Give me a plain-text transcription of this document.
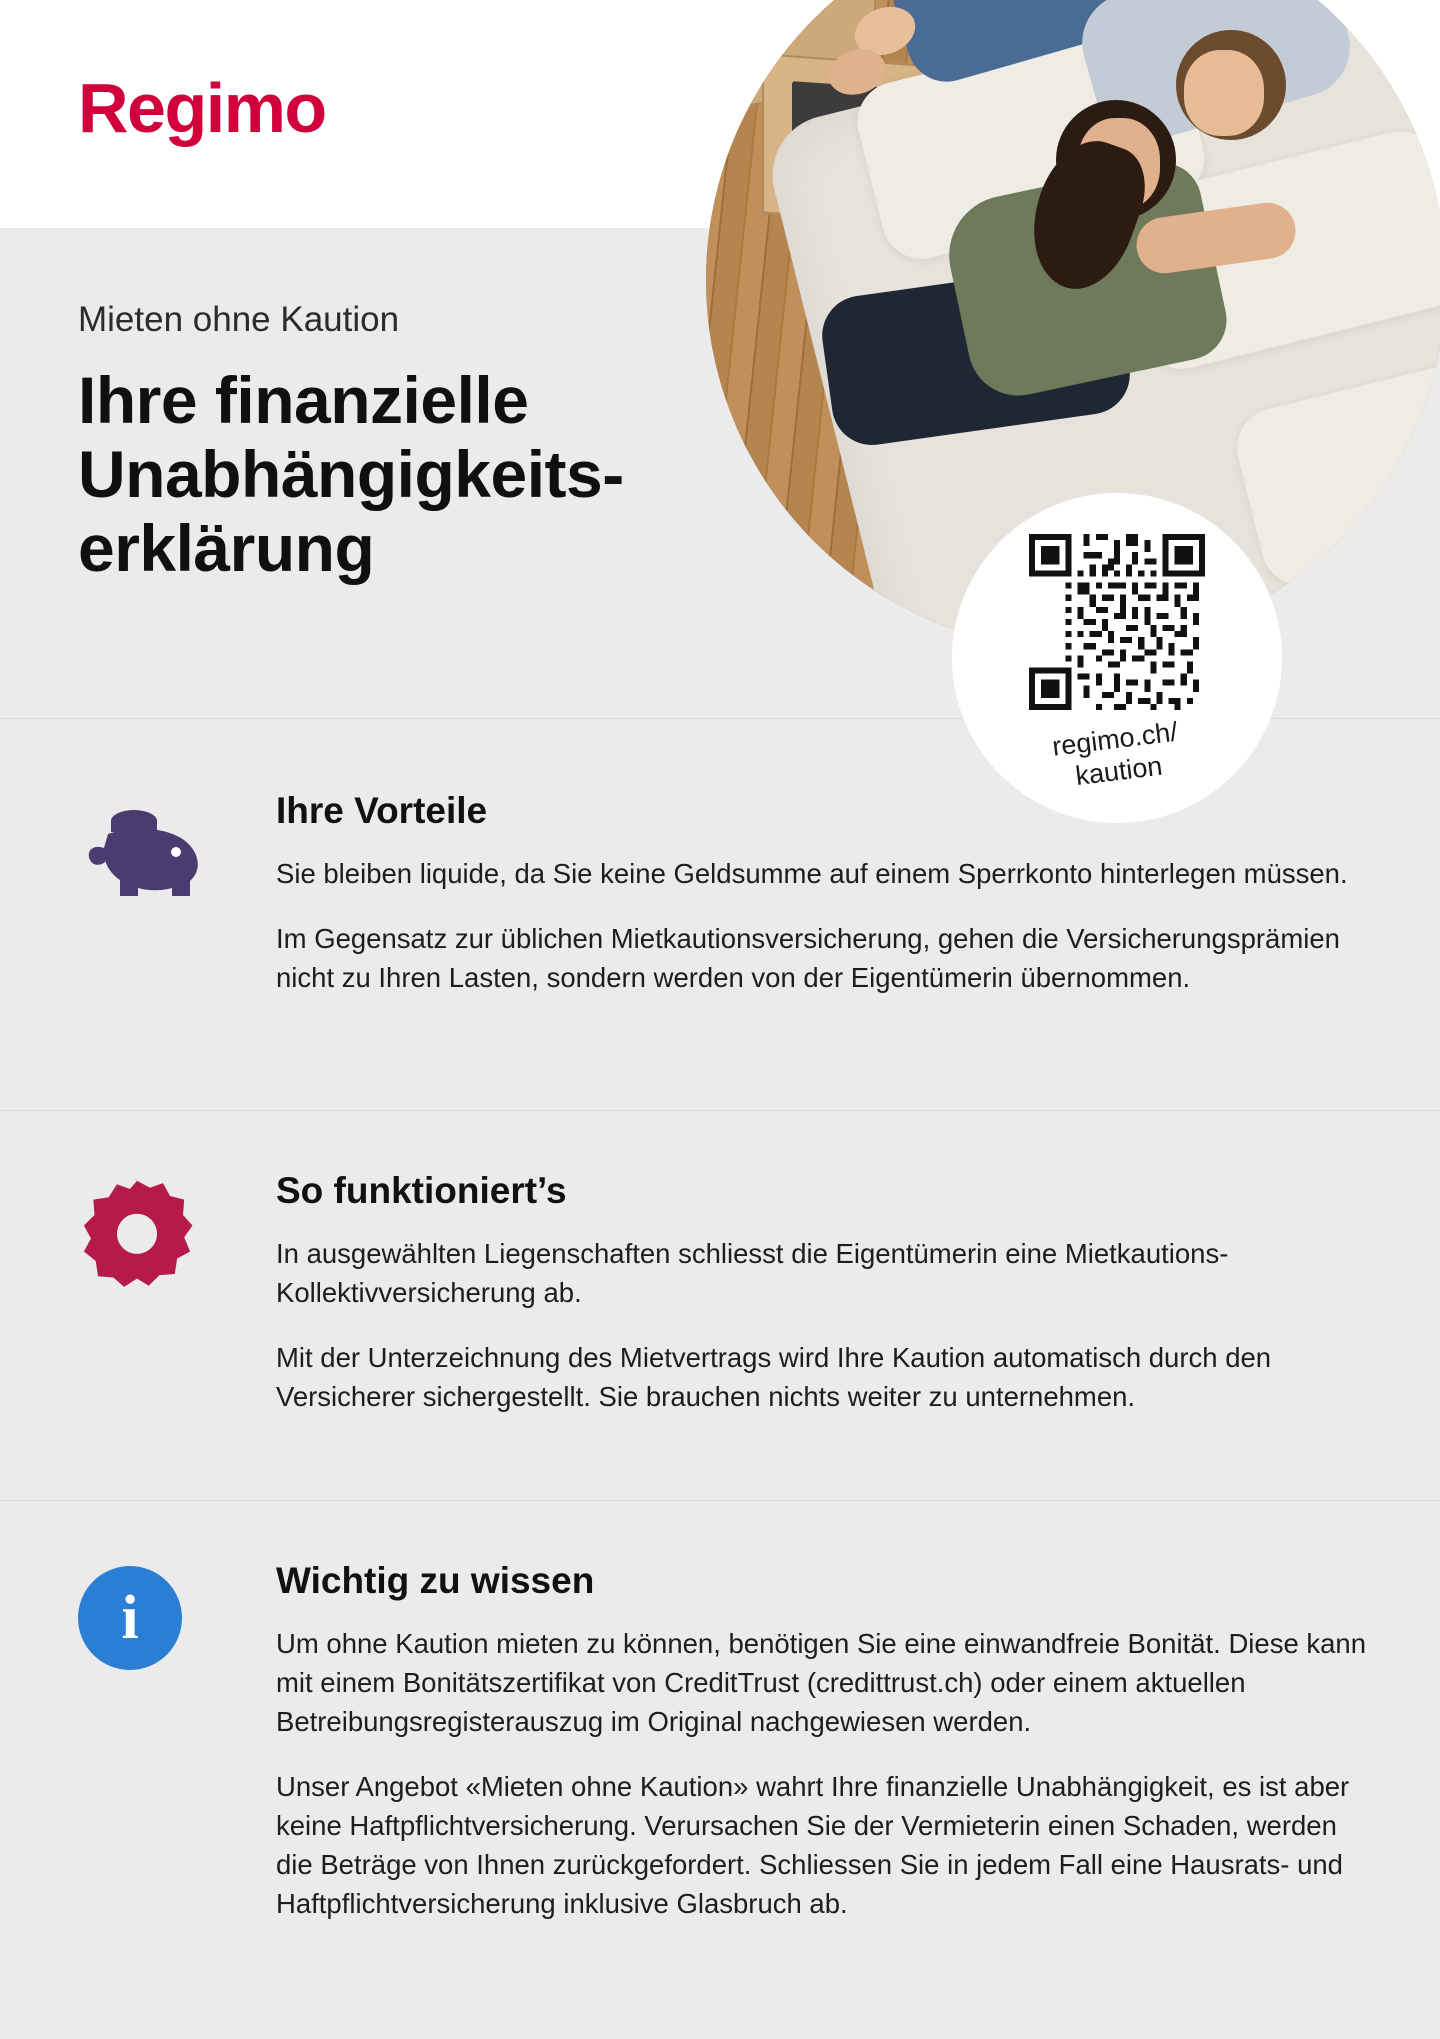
Regimo
regimo.ch/
kaution
Mieten ohne Kaution
Ihre finanzielle
Unabhängigkeits-
erklärung
Ihre Vorteile

Sie bleiben liquide, da Sie keine Geldsumme auf einem Sperrkonto hinterlegen müssen.

Im Gegensatz zur üblichen Mietkautionsversicherung, gehen die Versicherungsprämien nicht zu Ihren Lasten, sondern werden von der Eigentümerin übernommen.

So funktioniert’s

In ausgewählten Liegenschaften schliesst die Eigentümerin eine Mietkautions-Kollektivversicherung ab.

Mit der Unterzeichnung des Mietvertrags wird Ihre Kaution automatisch durch den Versicherer sichergestellt. Sie brauchen nichts weiter zu unternehmen.

i
Wichtig zu wissen

Um ohne Kaution mieten zu können, benötigen Sie eine einwandfreie Bonität. Diese kann mit einem Bonitätszertifikat von CreditTrust (credittrust.ch) oder einem aktuellen Betreibungsregisterauszug im Original nachgewiesen werden.

Unser Angebot «Mieten ohne Kaution» wahrt Ihre finanzielle Unabhängigkeit, es ist aber keine Haftpflichtversicherung. Verursachen Sie der Vermieterin einen Schaden, werden die Beträge von Ihnen zurückgefordert. Schliessen Sie in jedem Fall eine Hausrats- und Haftpflichtversicherung inklusive Glasbruch ab.
